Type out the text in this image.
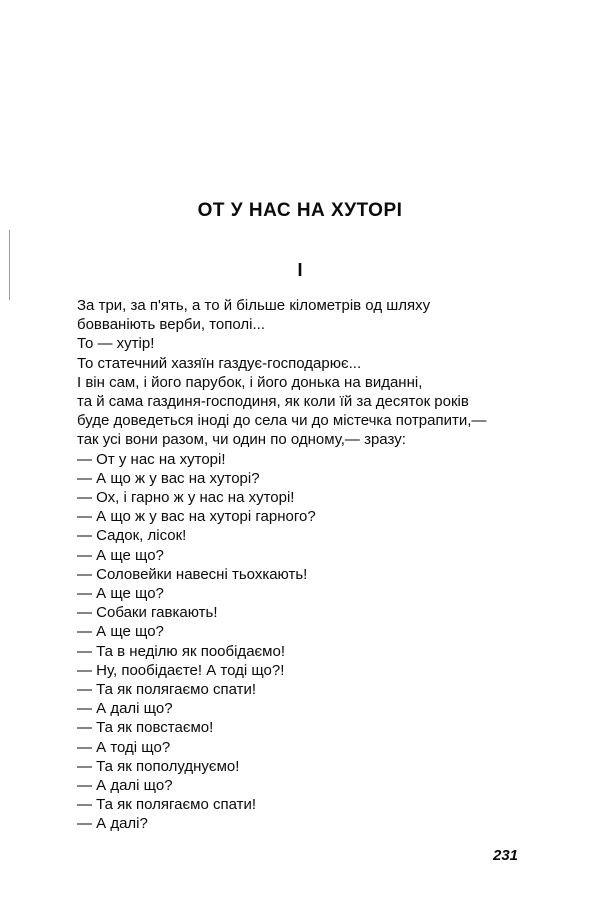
ОТ У НАС НА ХУТОРІ
I

За три, за п'ять, а то й більше кілометрів од шляху

бовваніють верби, тополі...

То — хутір!

То статечний хазяїн газдує-господарює...

І він сам, і його парубок, і його донька на виданні,

та й сама газдиня-господиня, як коли їй за десяток років

буде доведеться іноді до села чи до містечка потрапити,—

так усі вони разом, чи один по одному,— зразу:

— От у нас на хуторі!

— А що ж у вас на хуторі?

— Ох, і гарно ж у нас на хуторі!

— А що ж у вас на хуторі гарного?

— Садок, лісок!

— А ще що?

— Соловейки навесні тьохкають!

— А ще що?

— Собаки гавкають!

— А ще що?

— Та в неділю як пообідаємо!

— Ну, пообідаєте! А тоді що?!

— Та як полягаємо спати!

— А далі що?

— Та як повстаємо!

— А тоді що?

— Та як пополуднуємо!

— А далі що?

— Та як полягаємо спати!

— А далі?

231
